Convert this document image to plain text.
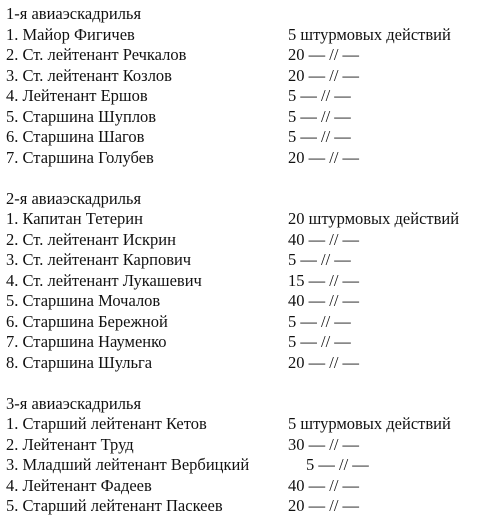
1-я авиаэскадрилья
1. Майор Фигичев	5 штурмовых действий
2. Ст. лейтенант Речкалов	20 — // —
3. Ст. лейтенант Козлов	20 — // —
4. Лейтенант Ершов	5 — // —
5. Старшина Шуплов	5 — // —
6. Старшина Шагов	5 — // —
7. Старшина Голубев	20 — // —
2-я авиаэскадрилья
1. Капитан Тетерин	20 штурмовых действий
2. Ст. лейтенант Искрин	40 — // —
3. Ст. лейтенант Карпович	5 — // —
4. Ст. лейтенант Лукашевич	15 — // —
5. Старшина Мочалов	40 — // —
6. Старшина Бережной	5 — // —
7. Старшина Науменко	5 — // —
8. Старшина Шульга	20 — // —
3-я авиаэскадрилья
1. Старший лейтенант Кетов	5 штурмовых действий
2. Лейтенант Труд	30 — // —
3. Младший лейтенант Вербицкий	5 — // —
4. Лейтенант Фадеев	40 — // —
5. Старший лейтенант Паскеев	20 — // —
